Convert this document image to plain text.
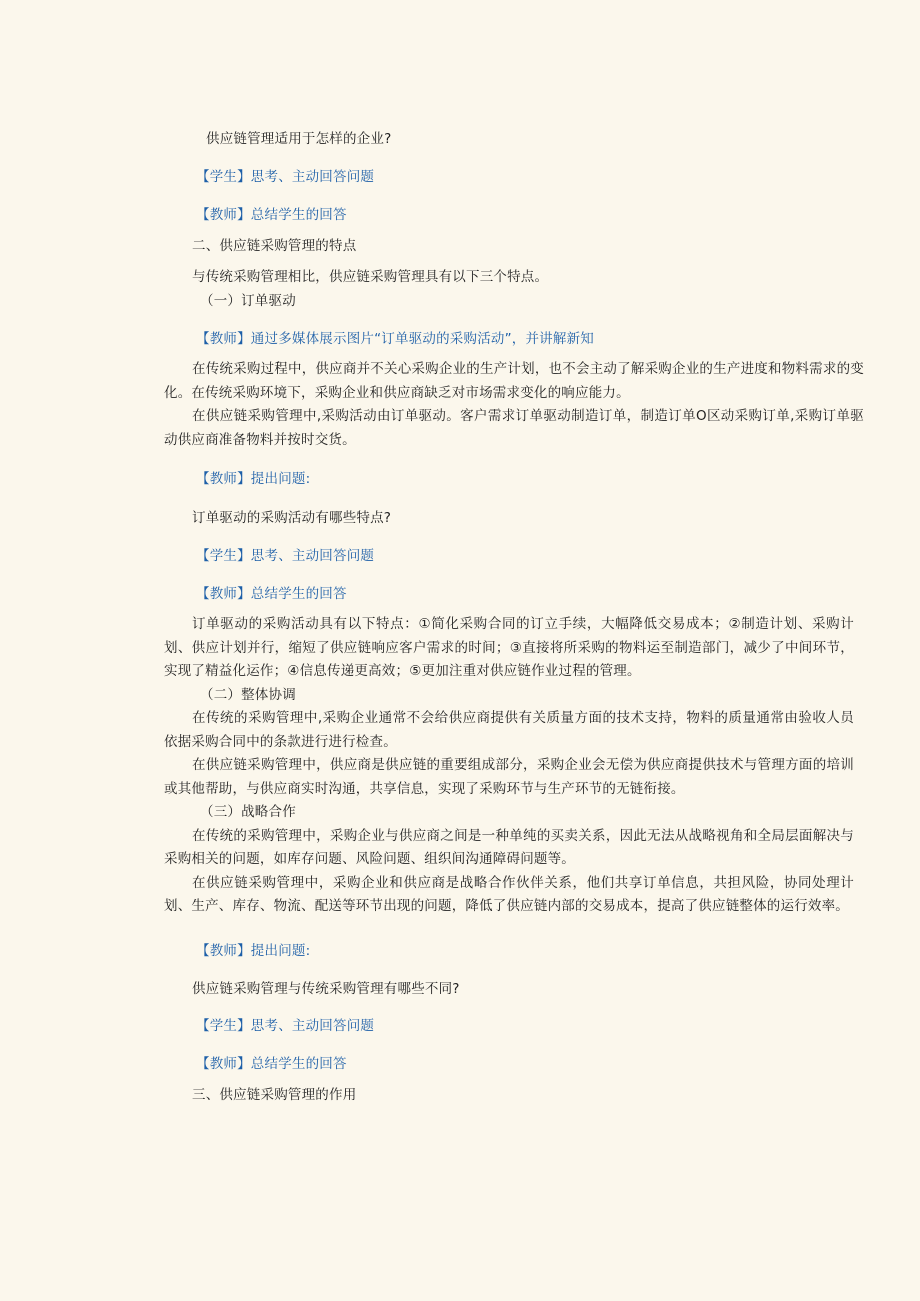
供应链管理适用于怎样的企业?
【学生】思考、主动回答问题
【教师】总结学生的回答
二、供应链采购管理的特点
与传统采购管理相比，供应链采购管理具有以下三个特点。
（一）订单驱动
【教师】通过多媒体展示图片“订单驱动的采购活动”，并讲解新知

在传统采购过程中，供应商并不关心采购企业的生产计划，也不会主动了解采购企业的生产进度和物料需求的变化。在传统采购环境下，采购企业和供应商缺乏对市场需求变化的响应能力。

在供应链采购管理中,采购活动由订单驱动。客户需求订单驱动制造订单，制造订单O区动采购订单,采购订单驱动供应商准备物料并按时交货。

【教师】提出问题:
订单驱动的采购活动有哪些特点?
【学生】思考、主动回答问题
【教师】总结学生的回答

订单驱动的采购活动具有以下特点：①简化采购合同的订立手续，大幅降低交易成本；②制造计划、采购计划、供应计划并行，缩短了供应链响应客户需求的时间；③直接将所采购的物料运至制造部门，减少了中间环节，实现了精益化运作；④信息传递更高效；⑤更加注重对供应链作业过程的管理。

（二）整体协调

在传统的采购管理中,采购企业通常不会给供应商提供有关质量方面的技术支持，物料的质量通常由验收人员依据采购合同中的条款进行进行检查。

在供应链采购管理中，供应商是供应链的重要组成部分，采购企业会无偿为供应商提供技术与管理方面的培训或其他帮助，与供应商实时沟通，共享信息，实现了采购环节与生产环节的无链衔接。

（三）战略合作

在传统的采购管理中，采购企业与供应商之间是一种单纯的买卖关系，因此无法从战略视角和全局层面解决与采购相关的问题，如库存问题、风险问题、组织间沟通障碍问题等。

在供应链采购管理中，采购企业和供应商是战略合作伙伴关系，他们共享订单信息，共担风险，协同处理计划、生产、库存、物流、配送等环节出现的问题，降低了供应链内部的交易成本，提高了供应链整体的运行效率。

【教师】提出问题:
供应链采购管理与传统采购管理有哪些不同?
【学生】思考、主动回答问题
【教师】总结学生的回答
三、供应链采购管理的作用
